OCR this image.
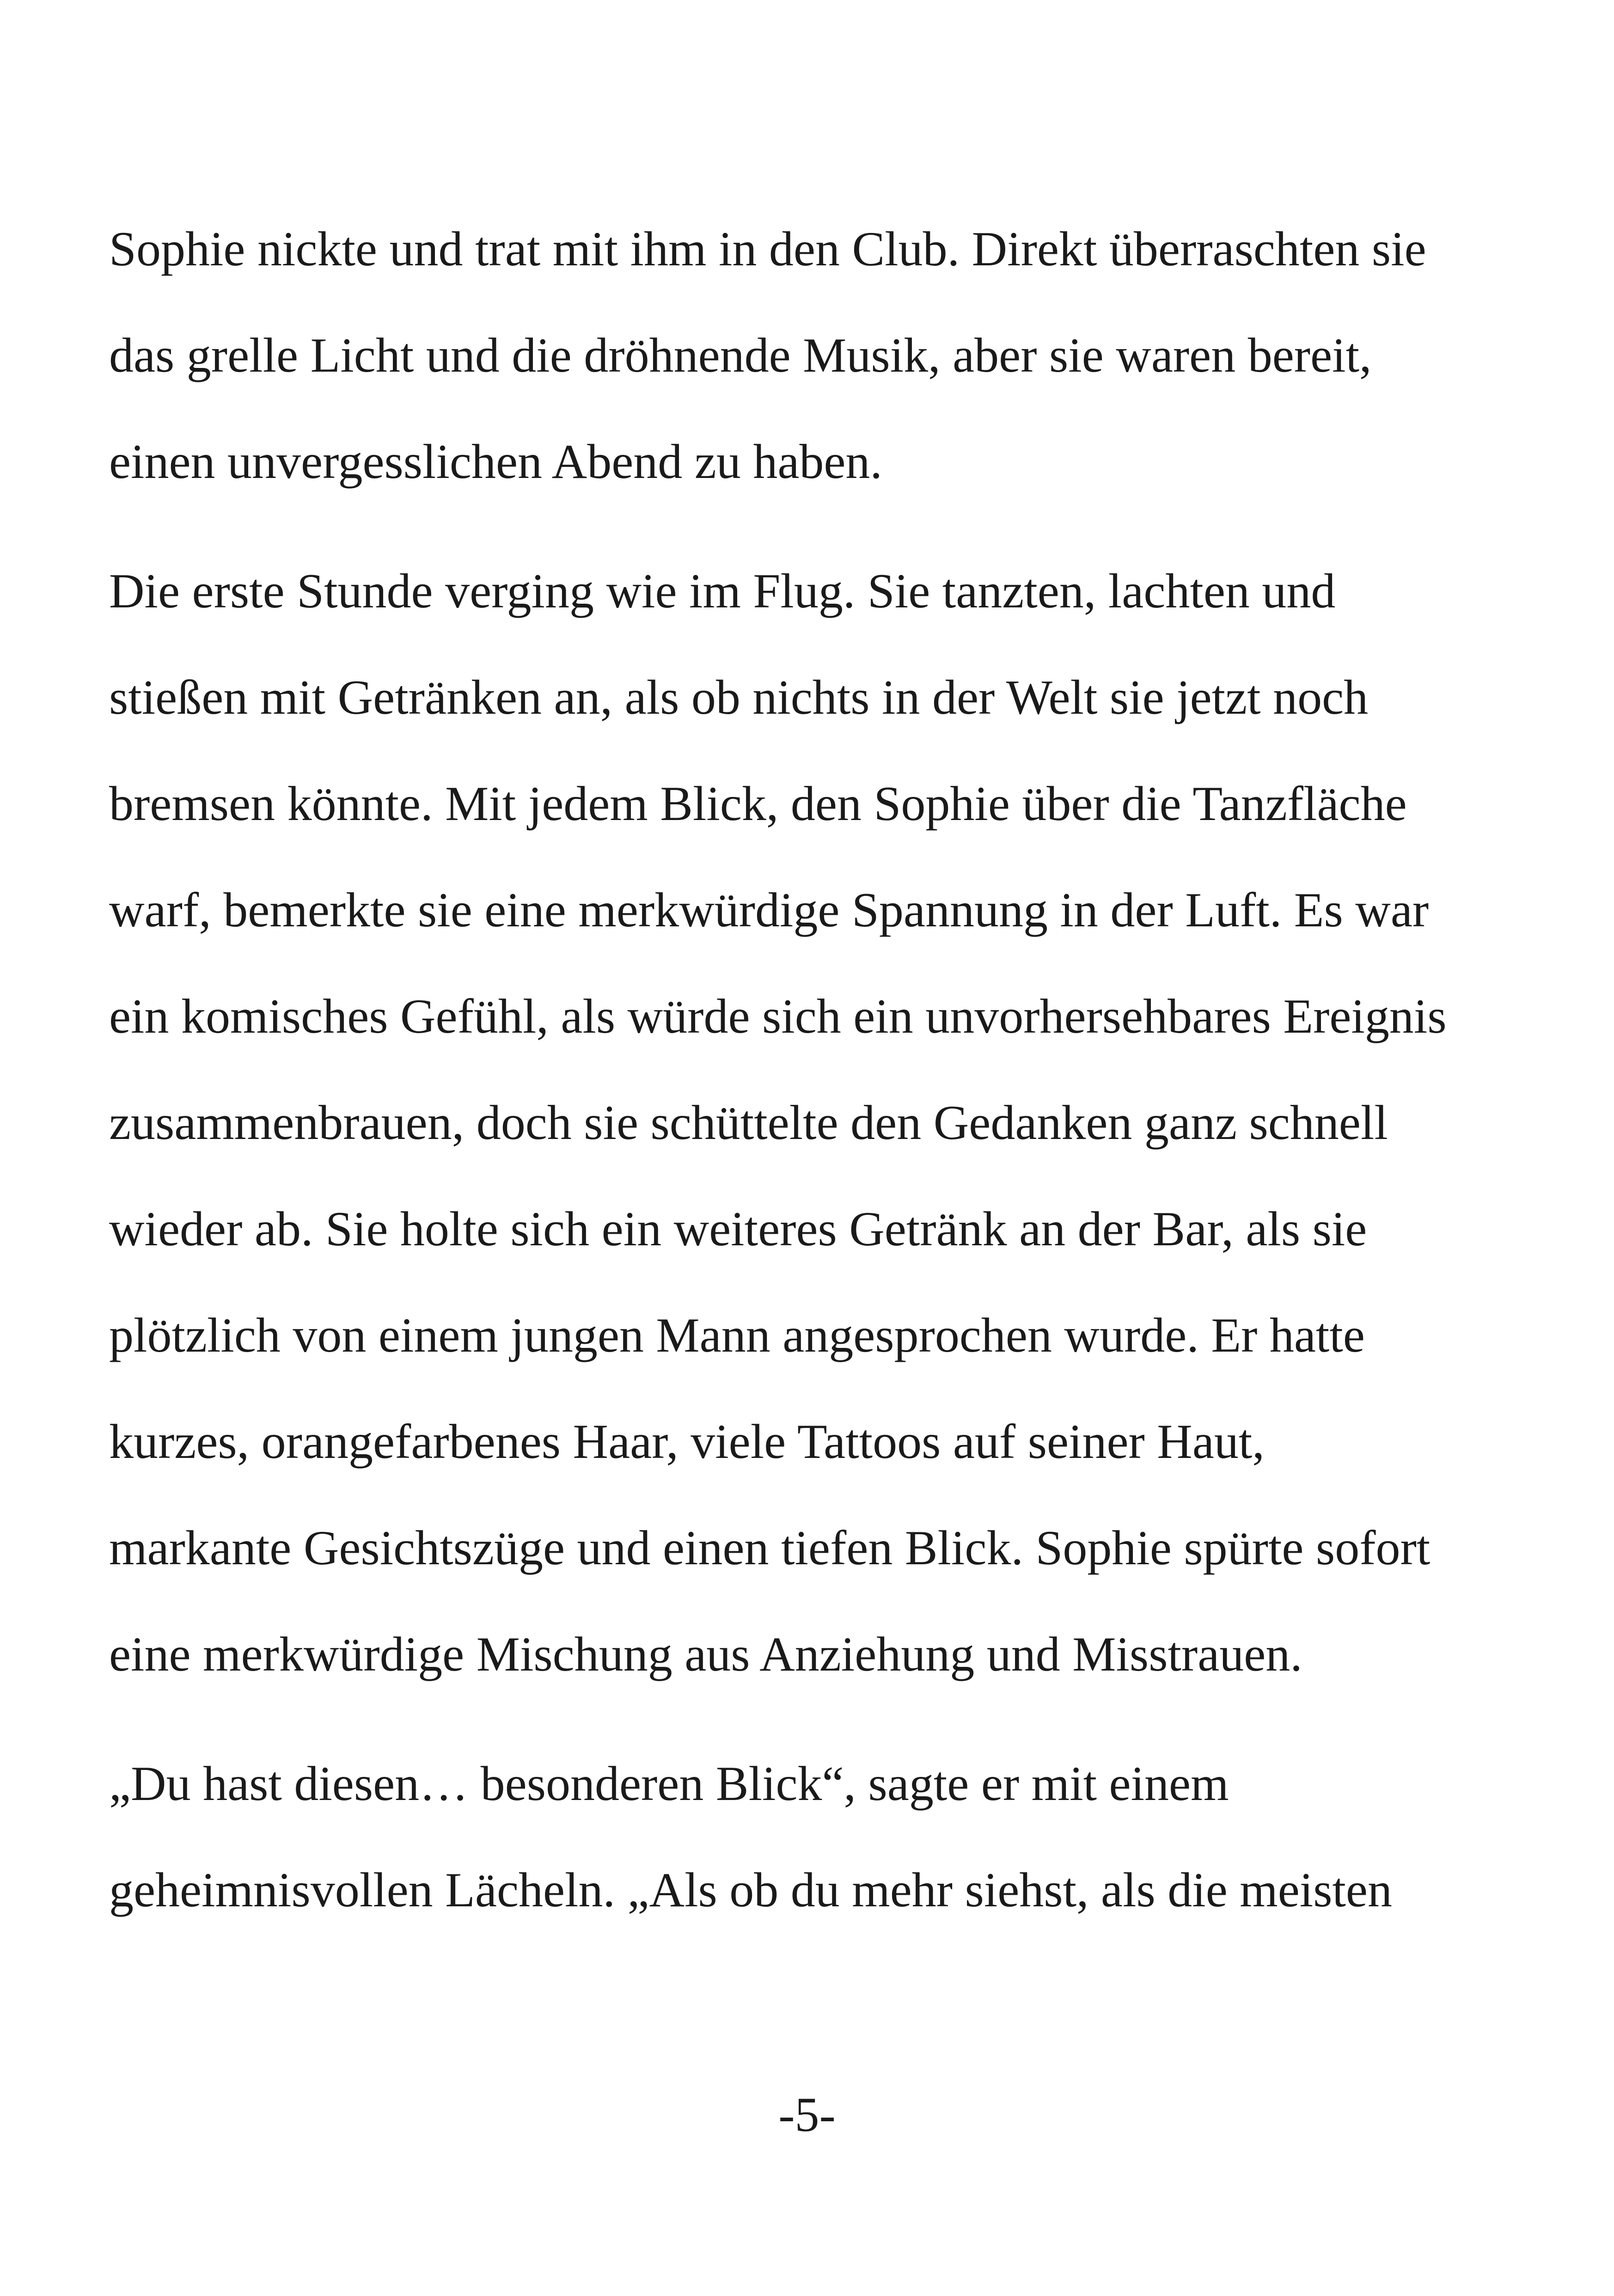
Sophie nickte und trat mit ihm in den Club. Direkt überraschten sie
das grelle Licht und die dröhnende Musik, aber sie waren bereit,
einen unvergesslichen Abend zu haben.

Die erste Stunde verging wie im Flug. Sie tanzten, lachten und
stießen mit Getränken an, als ob nichts in der Welt sie jetzt noch
bremsen könnte. Mit jedem Blick, den Sophie über die Tanzfläche
warf, bemerkte sie eine merkwürdige Spannung in der Luft. Es war
ein komisches Gefühl, als würde sich ein unvorhersehbares Ereignis
zusammenbrauen, doch sie schüttelte den Gedanken ganz schnell
wieder ab. Sie holte sich ein weiteres Getränk an der Bar, als sie
plötzlich von einem jungen Mann angesprochen wurde. Er hatte
kurzes, orangefarbenes Haar, viele Tattoos auf seiner Haut,
markante Gesichtszüge und einen tiefen Blick. Sophie spürte sofort
eine merkwürdige Mischung aus Anziehung und Misstrauen.

„Du hast diesen… besonderen Blick“, sagte er mit einem
geheimnisvollen Lächeln. „Als ob du mehr siehst, als die meisten

-5-
